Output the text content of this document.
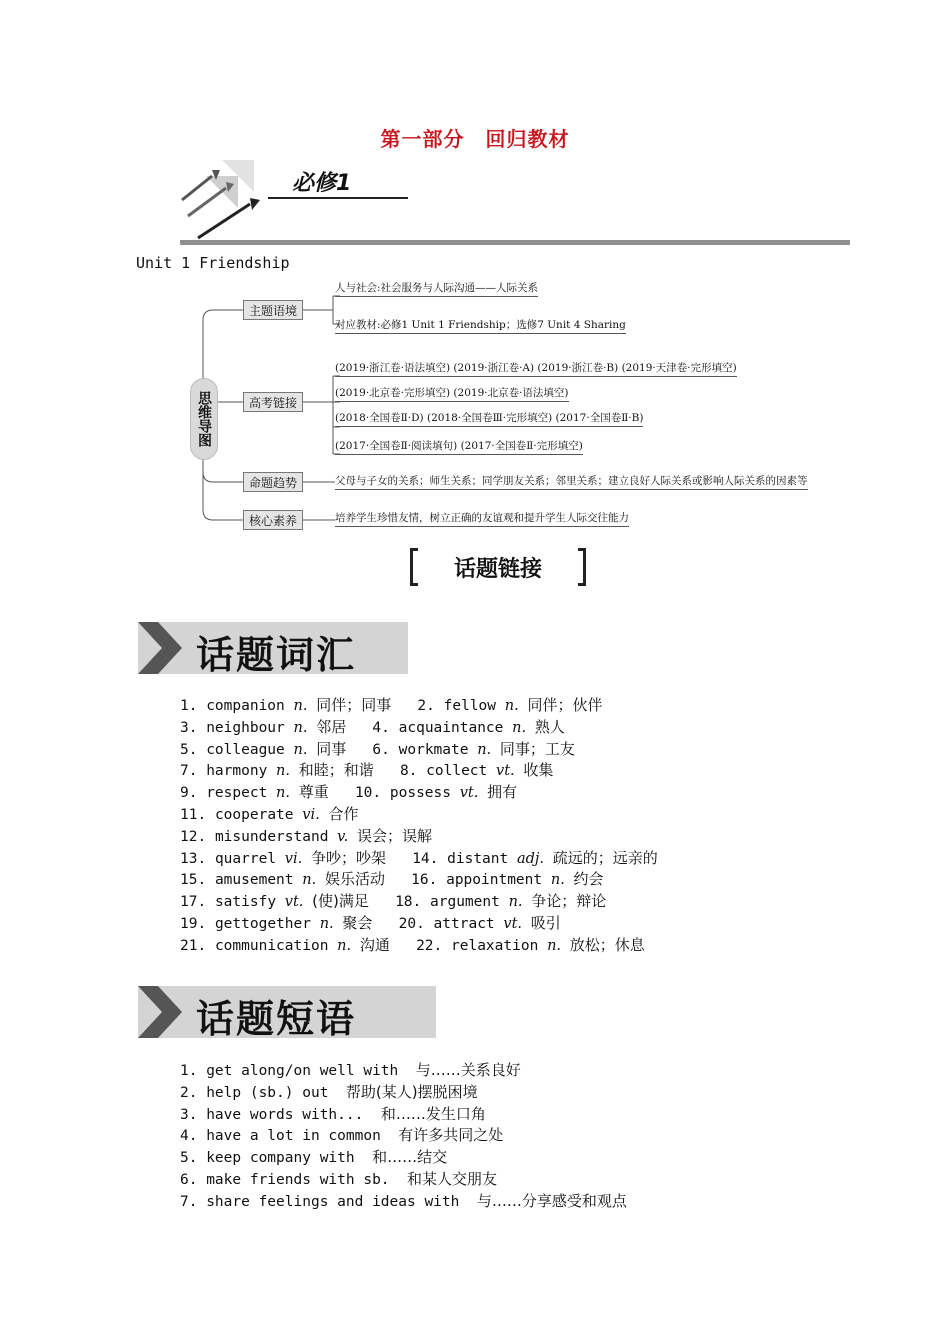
第一部分　回归教材
必修1
Unit 1 Friendship
思维导图
主题语境
人与社会:社会服务与人际沟通——人际关系
对应教材:必修1 Unit 1 Friendship；选修7 Unit 4 Sharing
高考链接
(2019·浙江卷·语法填空) (2019·浙江卷·A) (2019·浙江卷·B) (2019·天津卷·完形填空)
(2019·北京卷·完形填空) (2019·北京卷·语法填空)
(2018·全国卷Ⅱ·D) (2018·全国卷Ⅲ·完形填空) (2017·全国卷Ⅱ·B)
(2017·全国卷Ⅱ·阅读填句) (2017·全国卷Ⅱ·完形填空)
命题趋势	父母与子女的关系；师生关系；同学朋友关系；邻里关系；建立良好人际关系或影响人际关系的因素等
核心素养	培养学生珍惜友情，树立正确的友谊观和提升学生人际交往能力
话题链接
话题词汇
1. companion n. 同伴；同事 2. fellow n. 同伴；伙伴
3. neighbour n. 邻居 4. acquaintance n. 熟人
5. colleague n. 同事 6. workmate n. 同事；工友
7. harmony n. 和睦；和谐 8. collect vt. 收集
9. respect n. 尊重 10. possess vt. 拥有
11. cooperate vi. 合作
12. misunderstand v. 误会；误解
13. quarrel vi. 争吵；吵架 14. distant adj. 疏远的；远亲的
15. amusement n. 娱乐活动 16. appointment n. 约会
17. satisfy vt. (使)满足 18. argument n. 争论；辩论
19. gettogether n. 聚会 20. attract vt. 吸引
21. communication n. 沟通 22. relaxation n. 放松；休息
话题短语
1. get along/on well with 与……关系良好
2. help (sb.) out 帮助(某人)摆脱困境
3. have words with... 和……发生口角
4. have a lot in common 有许多共同之处
5. keep company with 和……结交
6. make friends with sb. 和某人交朋友
7. share feelings and ideas with 与……分享感受和观点
